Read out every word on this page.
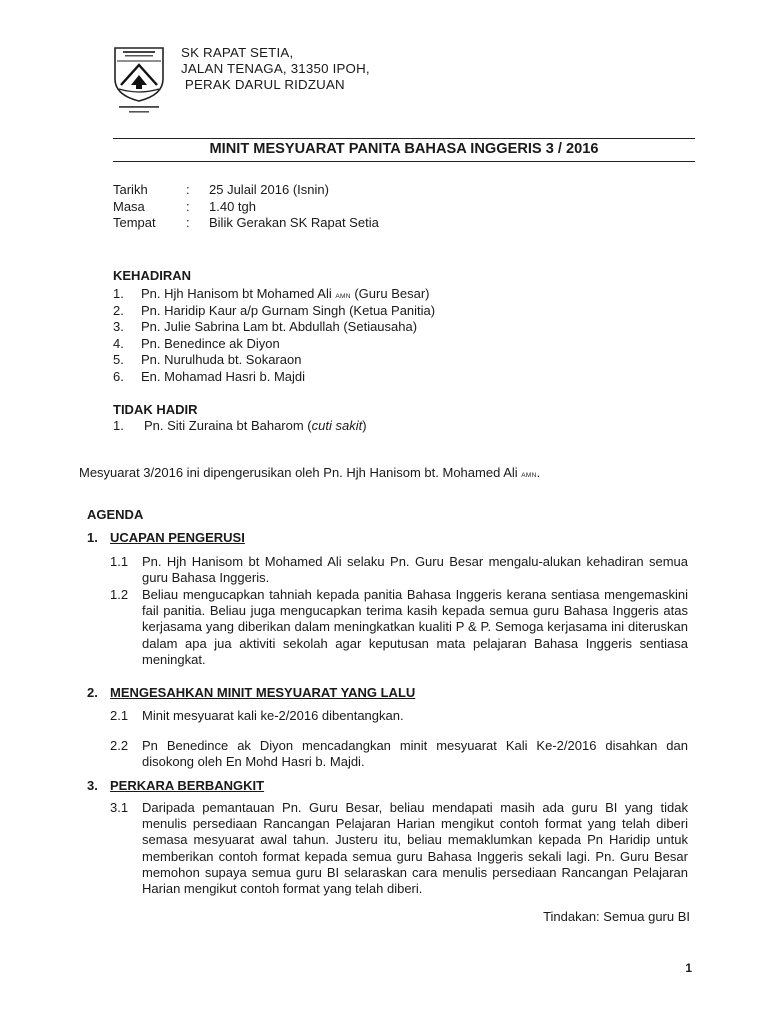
SK RAPAT SETIA,
JALAN TENAGA, 31350 IPOH,
PERAK DARUL RIDZUAN
MINIT MESYUARAT PANITA BAHASA INGGERIS 3 / 2016
Tarikh	:	25 Julail 2016 (Isnin)
Masa	:	1.40 tgh
Tempat	:	Bilik Gerakan SK Rapat Setia
KEHADIRAN
1.	Pn. Hjh Hanisom bt Mohamed Ali AMN (Guru Besar)
2.	Pn. Haridip Kaur a/p Gurnam Singh (Ketua Panitia)
3.	Pn. Julie Sabrina Lam bt. Abdullah (Setiausaha)
4.	Pn. Benedince ak Diyon
5.	Pn. Nurulhuda bt. Sokaraon
6.	En. Mohamad Hasri b. Majdi
TIDAK HADIR
1.	Pn. Siti Zuraina bt Baharom (cuti sakit)
Mesyuarat 3/2016 ini dipengerusikan oleh Pn. Hjh Hanisom bt. Mohamed Ali AMN.
AGENDA
1. UCAPAN PENGERUSI
1.1	Pn. Hjh Hanisom bt Mohamed Ali selaku Pn. Guru Besar mengalu-alukan kehadiran semua guru Bahasa Inggeris.
1.2	Beliau mengucapkan tahniah kepada panitia Bahasa Inggeris kerana sentiasa mengemaskini fail panitia. Beliau juga mengucapkan terima kasih kepada semua guru Bahasa Inggeris atas kerjasama yang diberikan dalam meningkatkan kualiti P & P. Semoga kerjasama ini diteruskan dalam apa jua aktiviti sekolah agar keputusan mata pelajaran Bahasa Inggeris sentiasa meningkat.
2. MENGESAHKAN MINIT MESYUARAT YANG LALU
2.1	Minit mesyuarat kali ke-2/2016 dibentangkan.
2.2	Pn Benedince ak Diyon mencadangkan minit mesyuarat Kali Ke-2/2016 disahkan dan disokong oleh En Mohd Hasri b. Majdi.
3. PERKARA BERBANGKIT
3.1	Daripada pemantauan Pn. Guru Besar, beliau mendapati masih ada guru BI yang tidak menulis persediaan Rancangan Pelajaran Harian mengikut contoh format yang telah diberi semasa mesyuarat awal tahun. Justeru itu, beliau memaklumkan kepada Pn Haridip untuk memberikan contoh format kepada semua guru Bahasa Inggeris sekali lagi. Pn. Guru Besar memohon supaya semua guru BI selaraskan cara menulis persediaan Rancangan Pelajaran Harian mengikut contoh format yang telah diberi.
Tindakan: Semua guru BI
1
